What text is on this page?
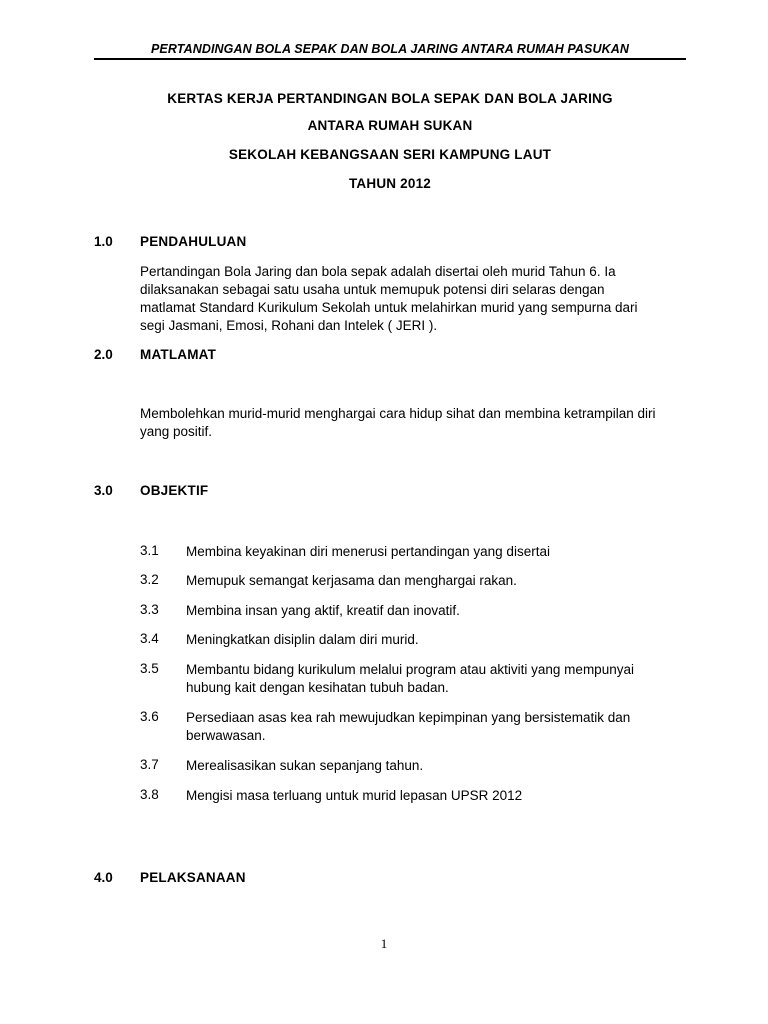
PERTANDINGAN BOLA SEPAK DAN BOLA JARING ANTARA RUMAH PASUKAN
KERTAS KERJA PERTANDINGAN BOLA SEPAK DAN BOLA JARING
ANTARA RUMAH SUKAN
SEKOLAH KEBANGSAAN SERI KAMPUNG LAUT
TAHUN 2012
1.0 PENDAHULUAN
Pertandingan Bola Jaring dan bola sepak adalah disertai oleh murid Tahun 6. Ia
dilaksanakan sebagai satu usaha untuk memupuk potensi diri selaras dengan
matlamat Standard Kurikulum Sekolah untuk melahirkan murid yang sempurna dari
segi Jasmani, Emosi, Rohani dan Intelek ( JERI ).
2.0 MATLAMAT
Membolehkan murid-murid menghargai cara hidup sihat dan membina ketrampilan diri
yang positif.
3.0 OBJEKTIF
3.1 Membina keyakinan diri menerusi pertandingan yang disertai
3.2 Memupuk semangat kerjasama dan menghargai rakan.
3.3 Membina insan yang aktif, kreatif dan inovatif.
3.4 Meningkatkan disiplin dalam diri murid.
3.5 Membantu bidang kurikulum melalui program atau aktiviti yang mempunyai
hubung kait dengan kesihatan tubuh badan.
3.6 Persediaan asas kea rah mewujudkan kepimpinan yang bersistematik dan
berwawasan.
3.7 Merealisasikan sukan sepanjang tahun.
3.8 Mengisi masa terluang untuk murid lepasan UPSR 2012
4.0 PELAKSANAAN
1
